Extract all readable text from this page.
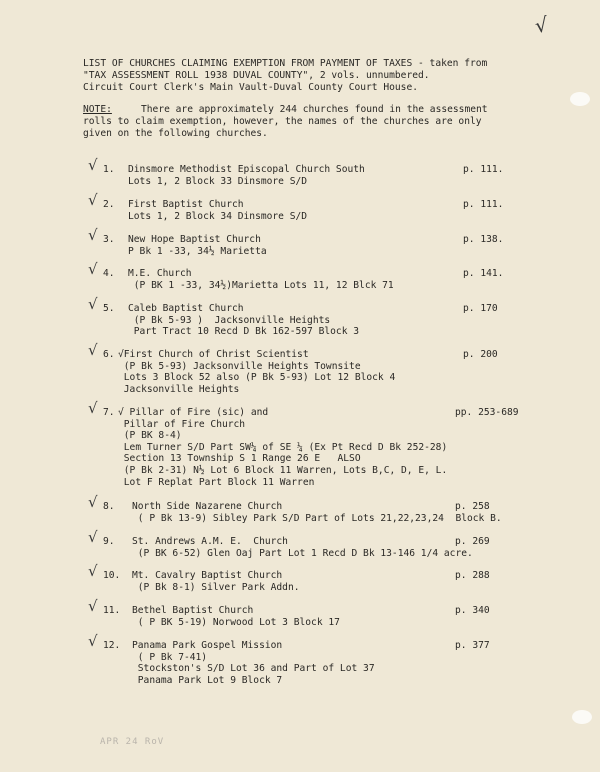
√
LIST OF CHURCHES CLAIMING EXEMPTION FROM PAYMENT OF TAXES - taken from
"TAX ASSESSMENT ROLL 1938 DUVAL COUNTY", 2 vols. unnumbered.
Circuit Court Clerk's Main Vault-Duval County Court House.
NOTE:	There are approximately 244 churches found in the assessment
rolls to claim exemption, however, the names of the churches are only
given on the following churches.
√ 1. Dinsmore Methodist Episcopal Church South
Lots 1, 2 Block 33 Dinsmore S/D
p. 111.
√ 2. First Baptist Church
Lots 1, 2 Block 34 Dinsmore S/D
p. 111.
√ 3. New Hope Baptist Church
P Bk 1 -33, 34½ Marietta
p. 138.
√ 4. M.E. Church
(P BK 1 -33, 34½)Marietta Lots 11, 12 Blck 71
p. 141.
√ 5. Caleb Baptist Church
(P Bk 5-93 )  Jacksonville Heights
Part Tract 10 Recd D Bk 162-597 Block 3
p. 170
√ 6. √First Church of Christ Scientist
(P Bk 5-93) Jacksonville Heights Townsite
Lots 3 Block 52 also (P Bk 5-93) Lot 12 Block 4
Jacksonville Heights
p. 200
√ 7. √ Pillar of Fire (sic) and
Pillar of Fire Church
(P BK 8-4)
Lem Turner S/D Part SW¼ of SE ¼ (Ex Pt Recd D Bk 252-28)
Section 13 Township S 1 Range 26 E   ALSO
(P Bk 2-31) N½ Lot 6 Block 11 Warren, Lots B,C, D, E, L.
Lot F Replat Part Block 11 Warren
pp. 253-689
√ 8. North Side Nazarene Church
( P Bk 13-9) Sibley Park S/D Part of Lots 21,22,23,24  Block B.
p. 258
√ 9. St. Andrews A.M. E.  Church
(P BK 6-52) Glen Oaj Part Lot 1 Recd D Bk 13-146 1/4 acre.
p. 269
√ 10. Mt. Cavalry Baptist Church
(P Bk 8-1) Silver Park Addn.
p. 288
√ 11. Bethel Baptist Church
( P BK 5-19) Norwood Lot 3 Block 17
p. 340
√ 12. Panama Park Gospel Mission
( P Bk 7-41)
Stockston's S/D Lot 36 and Part of Lot 37
Panama Park Lot 9 Block 7
p. 377
APR 24 RoV
